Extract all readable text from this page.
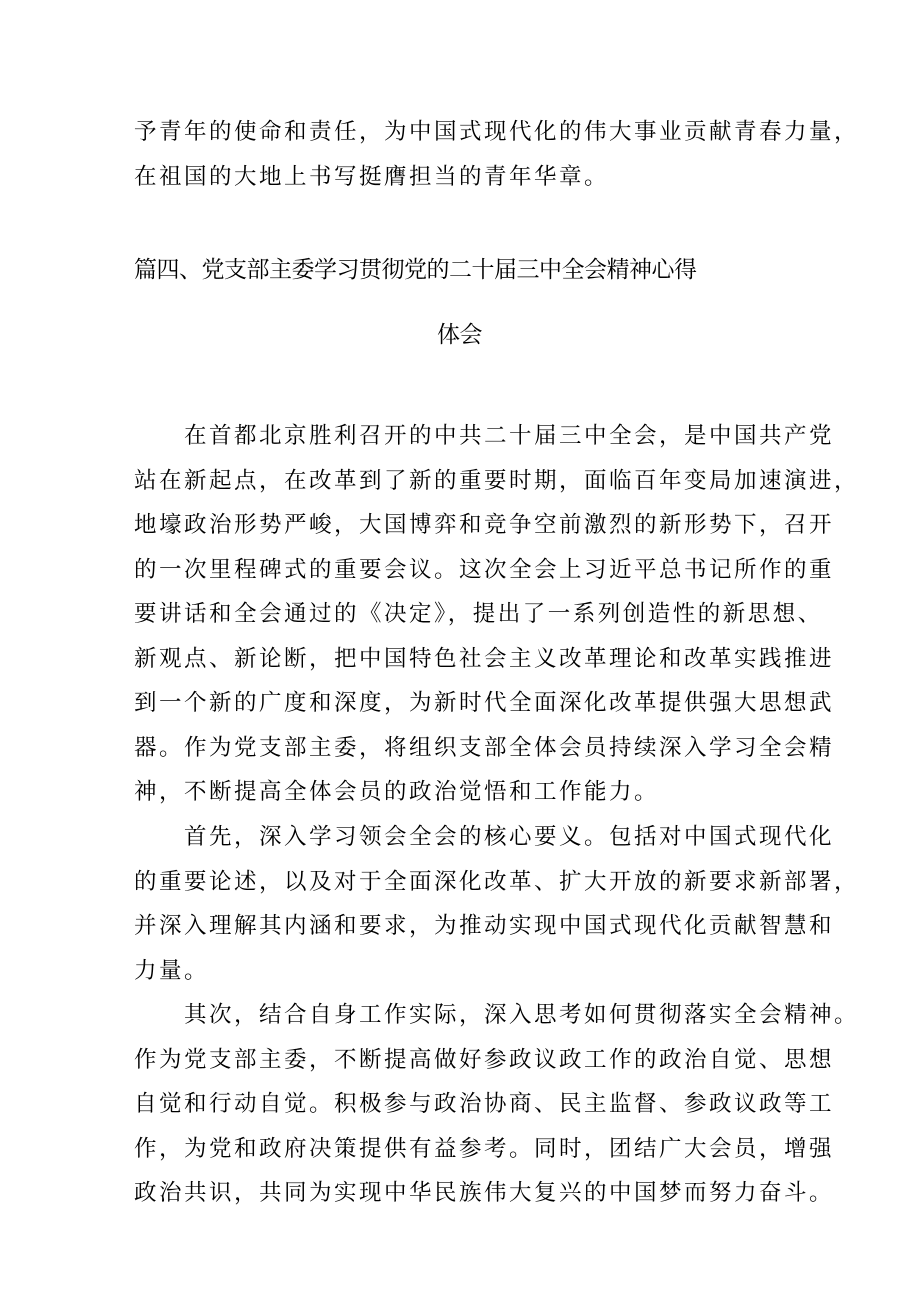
予青年的使命和责任，为中国式现代化的伟大事业贡献青春力量，
在祖国的大地上书写挺膺担当的青年华章。
篇四、党支部主委学习贯彻党的二十届三中全会精神心得
体会
在首都北京胜利召开的中共二十届三中全会，是中国共产党
站在新起点，在改革到了新的重要时期，面临百年变局加速演进，
地壕政治形势严峻，大国博弈和竞争空前激烈的新形势下，召开
的一次里程碑式的重要会议。这次全会上习近平总书记所作的重
要讲话和全会通过的《决定》，提出了一系列创造性的新思想、
新观点、新论断，把中国特色社会主义改革理论和改革实践推进
到一个新的广度和深度，为新时代全面深化改革提供强大思想武
器。作为党支部主委，将组织支部全体会员持续深入学习全会精
神，不断提高全体会员的政治觉悟和工作能力。
首先，深入学习领会全会的核心要义。包括对中国式现代化
的重要论述，以及对于全面深化改革、扩大开放的新要求新部署，
并深入理解其内涵和要求，为推动实现中国式现代化贡献智慧和
力量。
其次，结合自身工作实际，深入思考如何贯彻落实全会精神。
作为党支部主委，不断提高做好参政议政工作的政治自觉、思想
自觉和行动自觉。积极参与政治协商、民主监督、参政议政等工
作，为党和政府决策提供有益参考。同时，团结广大会员，增强
政治共识，共同为实现中华民族伟大复兴的中国梦而努力奋斗。
